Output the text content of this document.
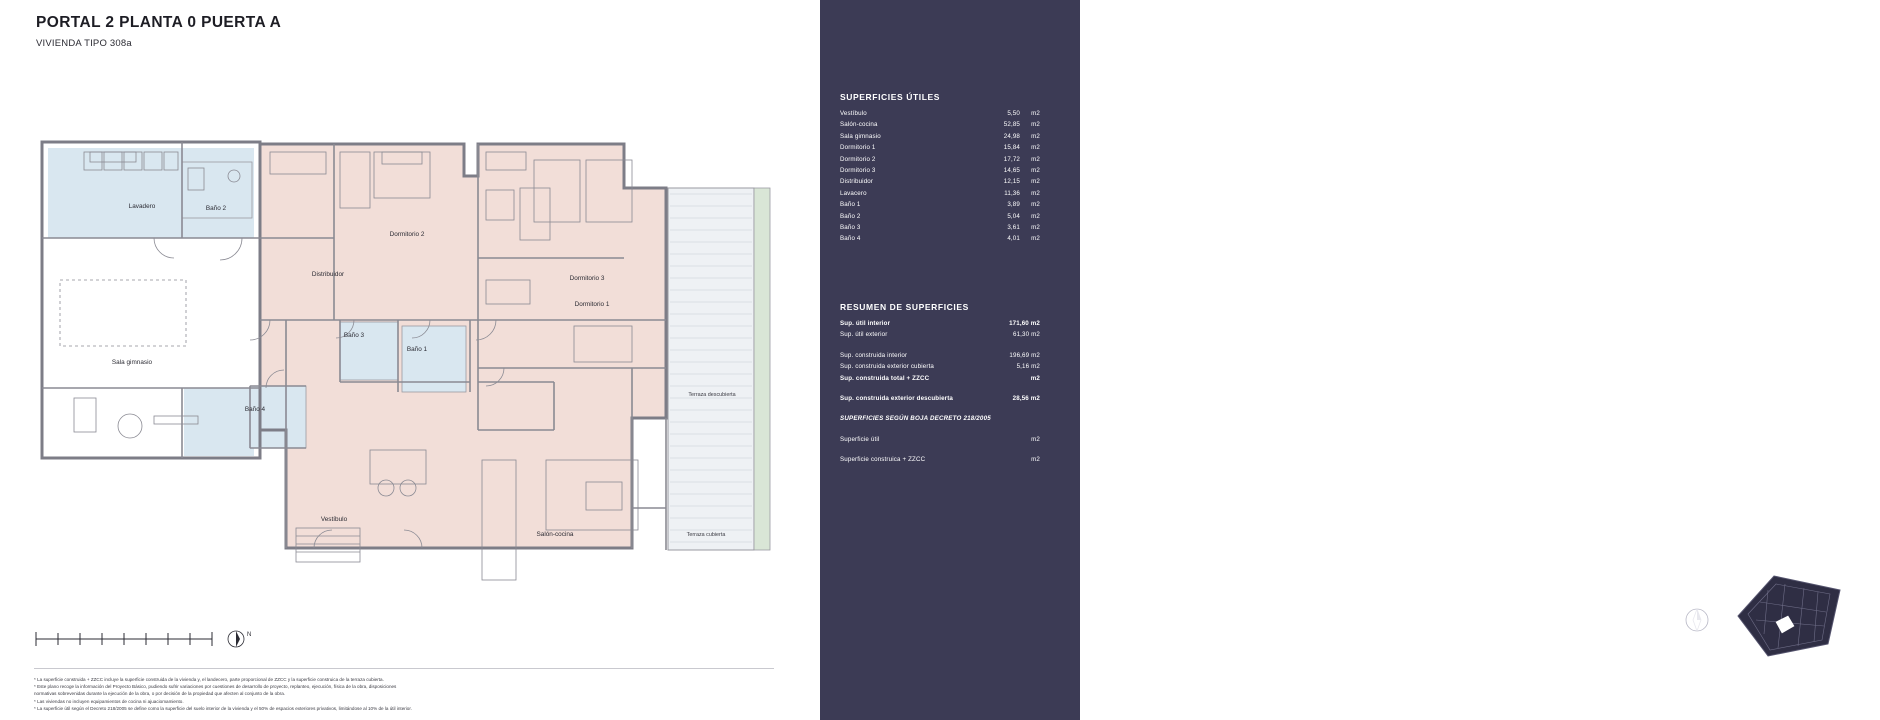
PORTAL 2 PLANTA 0 PUERTA A
VIVIENDA TIPO 308a
Lavadero	Baño 2
Dormitorio 2
Distribuidor
Dormitorio 3
Dormitorio 1
Sala gimnasio
Baño 3
Baño 1
Baño 4
Terraza descubierta
Vestíbulo
Salón-cocina	Terraza cubierta
N

* La superficie construida + ZZCC incluye la superficie construida de la vivienda y, el landecero, parte proporcional de ZZCC y la superficie construica de la terraza cubierta.

* Este plano recoge la información del Proyecto Básico, pudiendo sufrir variaciones por cuestiones de desarrollo de proyecto, replanteo, ejecución, física de la obra, disposiciones

normativas sobrevenidas durante la ejecución de la obra, o por decisión de la propiedad que afecten al conjunto de la obra.

* Las viviendas no incluyen equipamientos de cocina ni ajuaciomamiento.

* La superficie útil según el Decreto 218/2005 se define como la superficie del suelo interior de la vivienda y el 50% de espacios exteriores privativos, limitándose al 10% de la útil interior.

SUPERFICIES ÚTILES
Vestíbulo	5,50	m2
Salón-cocina	52,85	m2
Sala gimnasio	24,98	m2
Dormitorio 1	15,84	m2
Dormitorio 2	17,72	m2
Dormitorio 3	14,65	m2
Distribuidor	12,15	m2
Lavacero	11,36	m2
Baño 1	3,89	m2
Baño 2	5,04	m2
Baño 3	3,61	m2
Baño 4	4,01	m2
RESUMEN DE SUPERFICIES
Sup. útil interior	171,60 m2
Sup. útil exterior	61,30 m2
Sup. construida interior	196,69 m2
Sup. construida exterior cubierta	5,16 m2
Sup. construida total + ZZCC	m2
Sup. construida exterior descubierta	28,56 m2
SUPERFICIES SEGÚN BOJA DECRETO 218/2005
Superficie útil	m2
Superficie construica + ZZCC	m2
Planta Baja
N
